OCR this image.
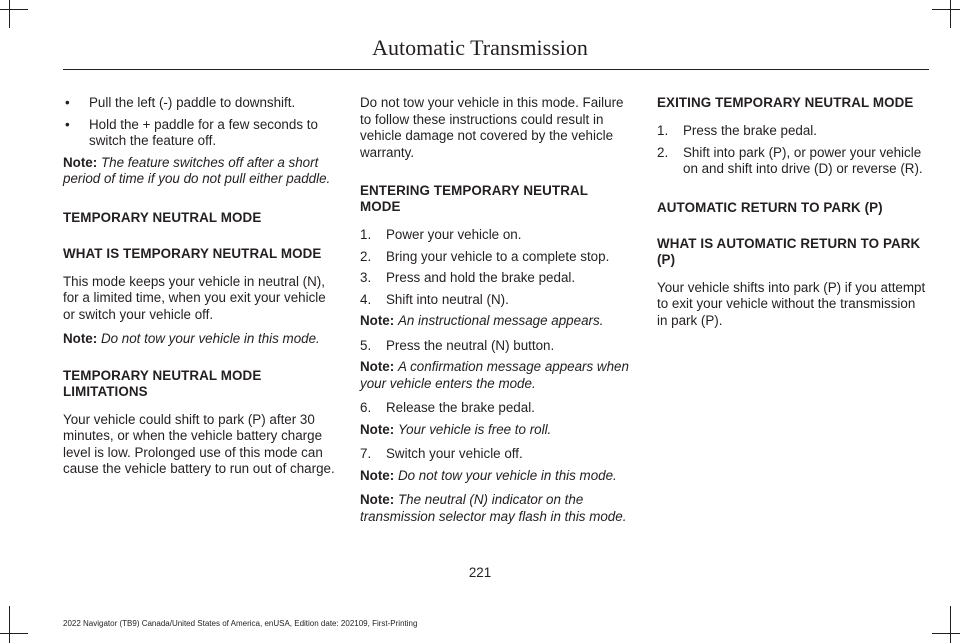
Automatic Transmission
•	Pull the left (-) paddle to downshift.
•	Hold the + paddle for a few seconds to switch the feature off.

Note: The feature switches off after a short period of time if you do not pull either paddle.

TEMPORARY NEUTRAL MODE
WHAT IS TEMPORARY NEUTRAL MODE

This mode keeps your vehicle in neutral (N), for a limited time, when you exit your vehicle or switch your vehicle off.

Note: Do not tow your vehicle in this mode.

TEMPORARY NEUTRAL MODE LIMITATIONS

Your vehicle could shift to park (P) after 30 minutes, or when the vehicle battery charge level is low. Prolonged use of this mode can cause the vehicle battery to run out of charge.

Do not tow your vehicle in this mode. Failure to follow these instructions could result in vehicle damage not covered by the vehicle warranty.

ENTERING TEMPORARY NEUTRAL MODE
1.	Power your vehicle on.
2.	Bring your vehicle to a complete stop.
3.	Press and hold the brake pedal.
4.	Shift into neutral (N).

Note: An instructional message appears.

5.	Press the neutral (N) button.

Note: A confirmation message appears when your vehicle enters the mode.

6.	Release the brake pedal.

Note: Your vehicle is free to roll.

7.	Switch your vehicle off.

Note: Do not tow your vehicle in this mode.

Note: The neutral (N) indicator on the transmission selector may flash in this mode.

EXITING TEMPORARY NEUTRAL MODE
1.	Press the brake pedal.
2.	Shift into park (P), or power your vehicle on and shift into drive (D) or reverse (R).
AUTOMATIC RETURN TO PARK (P)
WHAT IS AUTOMATIC RETURN TO PARK (P)

Your vehicle shifts into park (P) if you attempt to exit your vehicle without the transmission in park (P).

221
2022 Navigator (TB9) Canada/United States of America, enUSA, Edition date: 202109, First-Printing
